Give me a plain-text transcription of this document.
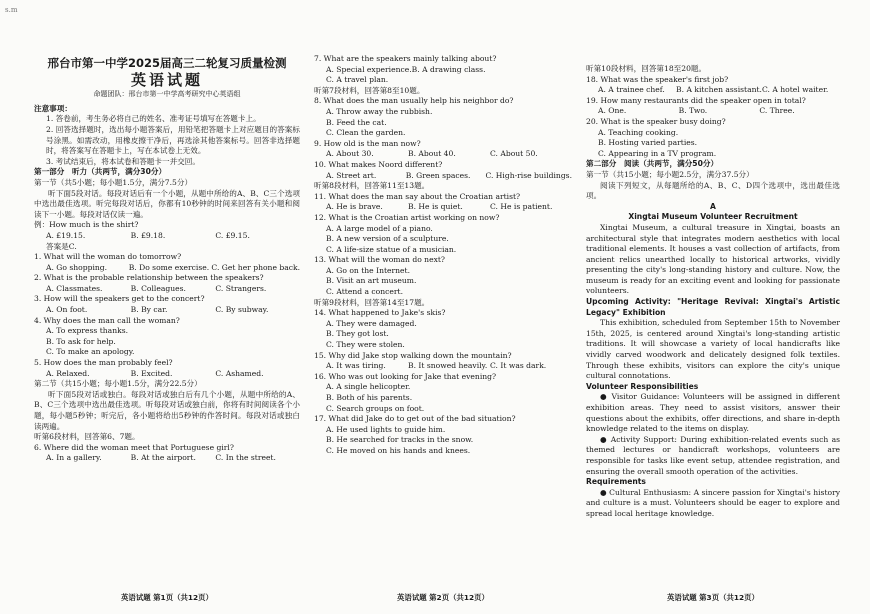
s.m
邢台市第一中学2025届高三二轮复习质量检测
英语试题
命题团队：邢台市第一中学高考研究中心英语组
注意事项：
1. 答卷前，考生务必将自己的姓名、准考证号填写在答题卡上。
2. 回答选择题时，选出每小题答案后，用铅笔把答题卡上对应题目的答案标号涂黑。如需改动，用橡皮擦干净后，再选涂其他答案标号。回答非选择题时，将答案写在答题卡上，写在本试卷上无效。
3. 考试结束后，将本试卷和答题卡一并交回。
第一部分　听力（共两节，满分30分）
第一节（共5小题；每小题1.5分，满分7.5分）
听下面5段对话。每段对话后有一个小题，从题中所给的A、B、C三个选项中选出最佳选项。听完每段对话后，你都有10秒钟的时间来回答有关小题和阅读下一小题。每段对话仅读一遍。
例：How much is the shirt?
A. £19.15.	B. £9.18.	C. £9.15.
答案是C.
1. What will the woman do tomorrow?
A. Go shopping.	B. Do some exercise. C. Get her phone back.
2. What is the probable relationship between the speakers?
A. Classmates.	B. Colleagues.	C. Strangers.
3. How will the speakers get to the concert?
A. On foot.	B. By car.	C. By subway.
4. Why does the man call the woman?
A. To express thanks.
B. To ask for help.
C. To make an apology.
5. How does the man probably feel?
A. Relaxed.	B. Excited.	C. Ashamed.
第二节（共15小题；每小题1.5分，满分22.5分）
听下面5段对话或独白。每段对话或独白后有几个小题，从题中所给的A、B、C三个选项中选出最佳选项。听每段对话或独白前，你将有时间阅读各个小题，每小题5秒钟；听完后，各小题将给出5秒钟的作答时间。每段对话或独白读两遍。
听第6段材料，回答第6、7题。
6. Where did the woman meet that Portuguese girl?
A. In a gallery.	B. At the airport.	C. In the street.
英语试题 第1页（共12页）
7. What are the speakers mainly talking about?
A. Special experience. B. A drawing class.
C. A travel plan.
听第7段材料，回答第8至10题。
8. What does the man usually help his neighbor do?
A. Throw away the rubbish.
B. Feed the cat.
C. Clean the garden.
9. How old is the man now?
A. About 30.	B. About 40.	C. About 50.
10. What makes Noord different?
A. Street art.	B. Green spaces.	C. High-rise buildings.
听第8段材料，回答第11至13题。
11. What does the man say about the Croatian artist?
A. He is brave.	B. He is quiet.	C. He is patient.
12. What is the Croatian artist working on now?
A. A large model of a piano.
B. A new version of a sculpture.
C. A life-size statue of a musician.
13. What will the woman do next?
A. Go on the Internet.
B. Visit an art museum.
C. Attend a concert.
听第9段材料，回答第14至17题。
14. What happened to Jake's skis?
A. They were damaged.
B. They got lost.
C. They were stolen.
15. Why did Jake stop walking down the mountain?
A. It was tiring.	B. It snowed heavily. C. It was dark.
16. Who was out looking for Jake that evening?
A. A single helicopter.
B. Both of his parents.
C. Search groups on foot.
17. What did Jake do to get out of the bad situation?
A. He used lights to guide him.
B. He searched for tracks in the snow.
C. He moved on his hands and knees.
英语试题 第2页（共12页）
听第10段材料，回答第18至20题。
18. What was the speaker's first job?
A. A trainee chef.	B. A kitchen assistant. C. A hotel waiter.
19. How many restaurants did the speaker open in total?
A. One.	B. Two.	C. Three.
20. What is the speaker busy doing?
A. Teaching cooking.
B. Hosting varied parties.
C. Appearing in a TV program.
第二部分　阅读（共两节，满分50分）
第一节（共15小题；每小题2.5分，满分37.5分）
阅读下列短文，从每题所给的A、B、C、D四个选项中，选出最佳选项。
A
Xingtai Museum Volunteer Recruitment
Xingtai Museum, a cultural treasure in Xingtai, boasts an architectural style that integrates modern aesthetics with local traditional elements. It houses a vast collection of artifacts, from ancient relics unearthed locally to historical artworks, vividly presenting the city's long-standing history and culture. Now, the museum is ready for an exciting event and looking for passionate volunteers.
Upcoming Activity: "Heritage Revival: Xingtai's Artistic Legacy" Exhibition
This exhibition, scheduled from September 15th to November 15th, 2025, is centered around Xingtai's long-standing artistic traditions. It will showcase a variety of local handicrafts like vividly carved woodwork and delicately designed folk textiles. Through these exhibits, visitors can explore the city's unique cultural connotations.
Volunteer Responsibilities
● Visitor Guidance: Volunteers will be assigned in different exhibition areas. They need to assist visitors, answer their questions about the exhibits, offer directions, and share in-depth knowledge related to the items on display.
● Activity Support: During exhibition-related events such as themed lectures or handicraft workshops, volunteers are responsible for tasks like event setup, attendee registration, and ensuring the overall smooth operation of the activities.
Requirements
● Cultural Enthusiasm: A sincere passion for Xingtai's history and culture is a must. Volunteers should be eager to explore and spread local heritage knowledge.
英语试题 第3页（共12页）
